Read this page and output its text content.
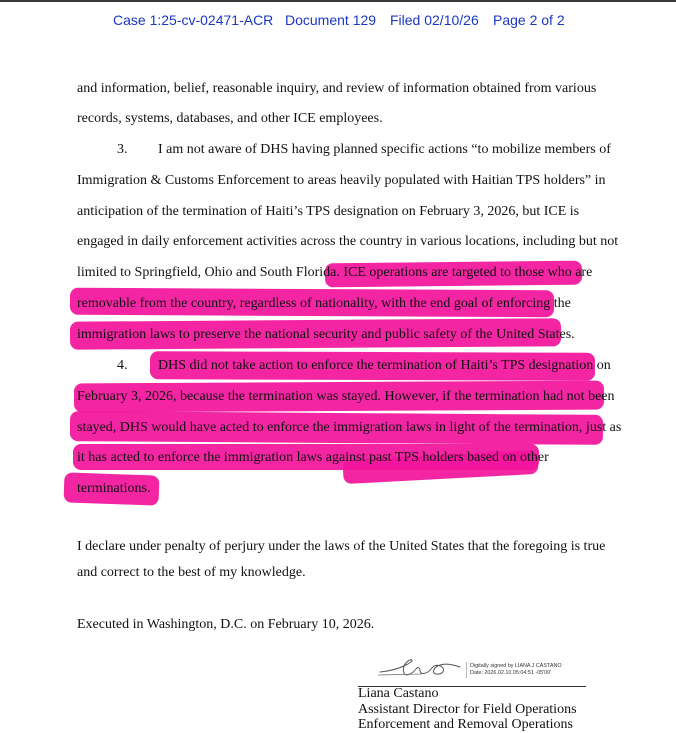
Case 1:25-cv-02471-ACR Document 129 Filed 02/10/26 Page 2 of 2
and information, belief, reasonable inquiry, and review of information obtained from various
records, systems, databases, and other ICE employees.
3. I am not aware of DHS having planned specific actions “to mobilize members of
Immigration & Customs Enforcement to areas heavily populated with Haitian TPS holders” in
anticipation of the termination of Haiti’s TPS designation on February 3, 2026, but ICE is
engaged in daily enforcement activities across the country in various locations, including but not
limited to Springfield, Ohio and South Florida. ICE operations are targeted to those who are
removable from the country, regardless of nationality, with the end goal of enforcing the
immigration laws to preserve the national security and public safety of the United States.
4. DHS did not take action to enforce the termination of Haiti’s TPS designation on
February 3, 2026, because the termination was stayed. However, if the termination had not been
stayed, DHS would have acted to enforce the immigration laws in light of the termination, just as
it has acted to enforce the immigration laws against past TPS holders based on other
terminations.
I declare under penalty of perjury under the laws of the United States that the foregoing is true
and correct to the best of my knowledge.
Executed in Washington, D.C. on February 10, 2026.
Digitally signed by LIANA J CASTANO
Date: 2026.02.10 05:04:51 -05'00'
Liana Castano
Assistant Director for Field Operations
Enforcement and Removal Operations
